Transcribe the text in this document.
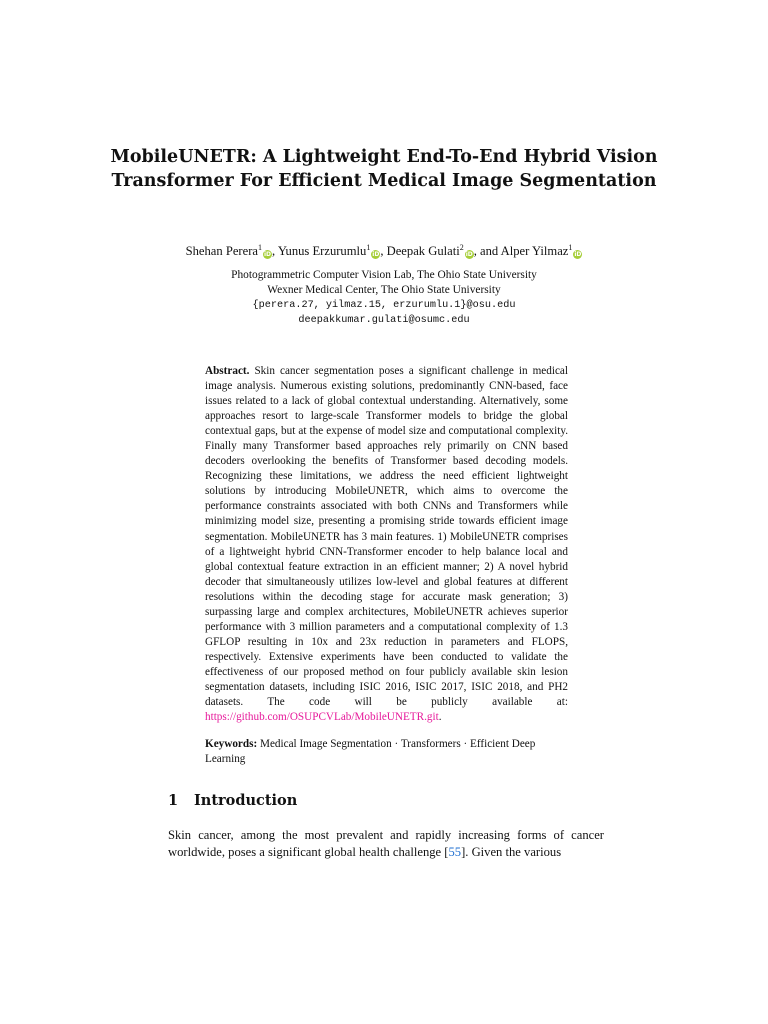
MobileUNETR: A Lightweight End-To-End Hybrid Vision Transformer For Efficient Medical Image Segmentation
Shehan Perera$^1$iD, Yunus Erzurumlu$^1$iD, Deepak Gulati$^2$iD, and Alper Yilmaz$^1$iD
Photogrammetric Computer Vision Lab, The Ohio State University
Wexner Medical Center, The Ohio State University
{perera.27, yilmaz.15, erzurumlu.1}@osu.edu
deepakkumar.gulati@osumc.edu
Abstract. Skin cancer segmentation poses a significant challenge in medical image analysis. Numerous existing solutions, predominantly CNN-based, face issues related to a lack of global contextual understanding. Alternatively, some approaches resort to large-scale Transformer models to bridge the global contextual gaps, but at the expense of model size and computational complexity. Finally many Transformer based approaches rely primarily on CNN based decoders overlooking the benefits of Transformer based decoding models. Recognizing these limitations, we address the need efficient lightweight solutions by introducing MobileUNETR, which aims to overcome the performance constraints associated with both CNNs and Transformers while minimizing model size, presenting a promising stride towards efficient image segmentation. MobileUNETR has 3 main features. 1) MobileUNETR comprises of a lightweight hybrid CNN-Transformer encoder to help balance local and global contextual feature extraction in an efficient manner; 2) A novel hybrid decoder that simultaneously utilizes low-level and global features at different resolutions within the decoding stage for accurate mask generation; 3) surpassing large and complex architectures, MobileUNETR achieves superior performance with 3 million parameters and a computational complexity of 1.3 GFLOP resulting in 10x and 23x reduction in parameters and FLOPS, respectively. Extensive experiments have been conducted to validate the effectiveness of our proposed method on four publicly available skin lesion segmentation datasets, including ISIC 2016, ISIC 2017, ISIC 2018, and PH2 datasets. The code will be publicly available at: https://github.com/OSUPCVLab/MobileUNETR.git.
Keywords: Medical Image Segmentation · Transformers · Efficient Deep Learning
1 Introduction
Skin cancer, among the most prevalent and rapidly increasing forms of cancer worldwide, poses a significant global health challenge [55]. Given the various
